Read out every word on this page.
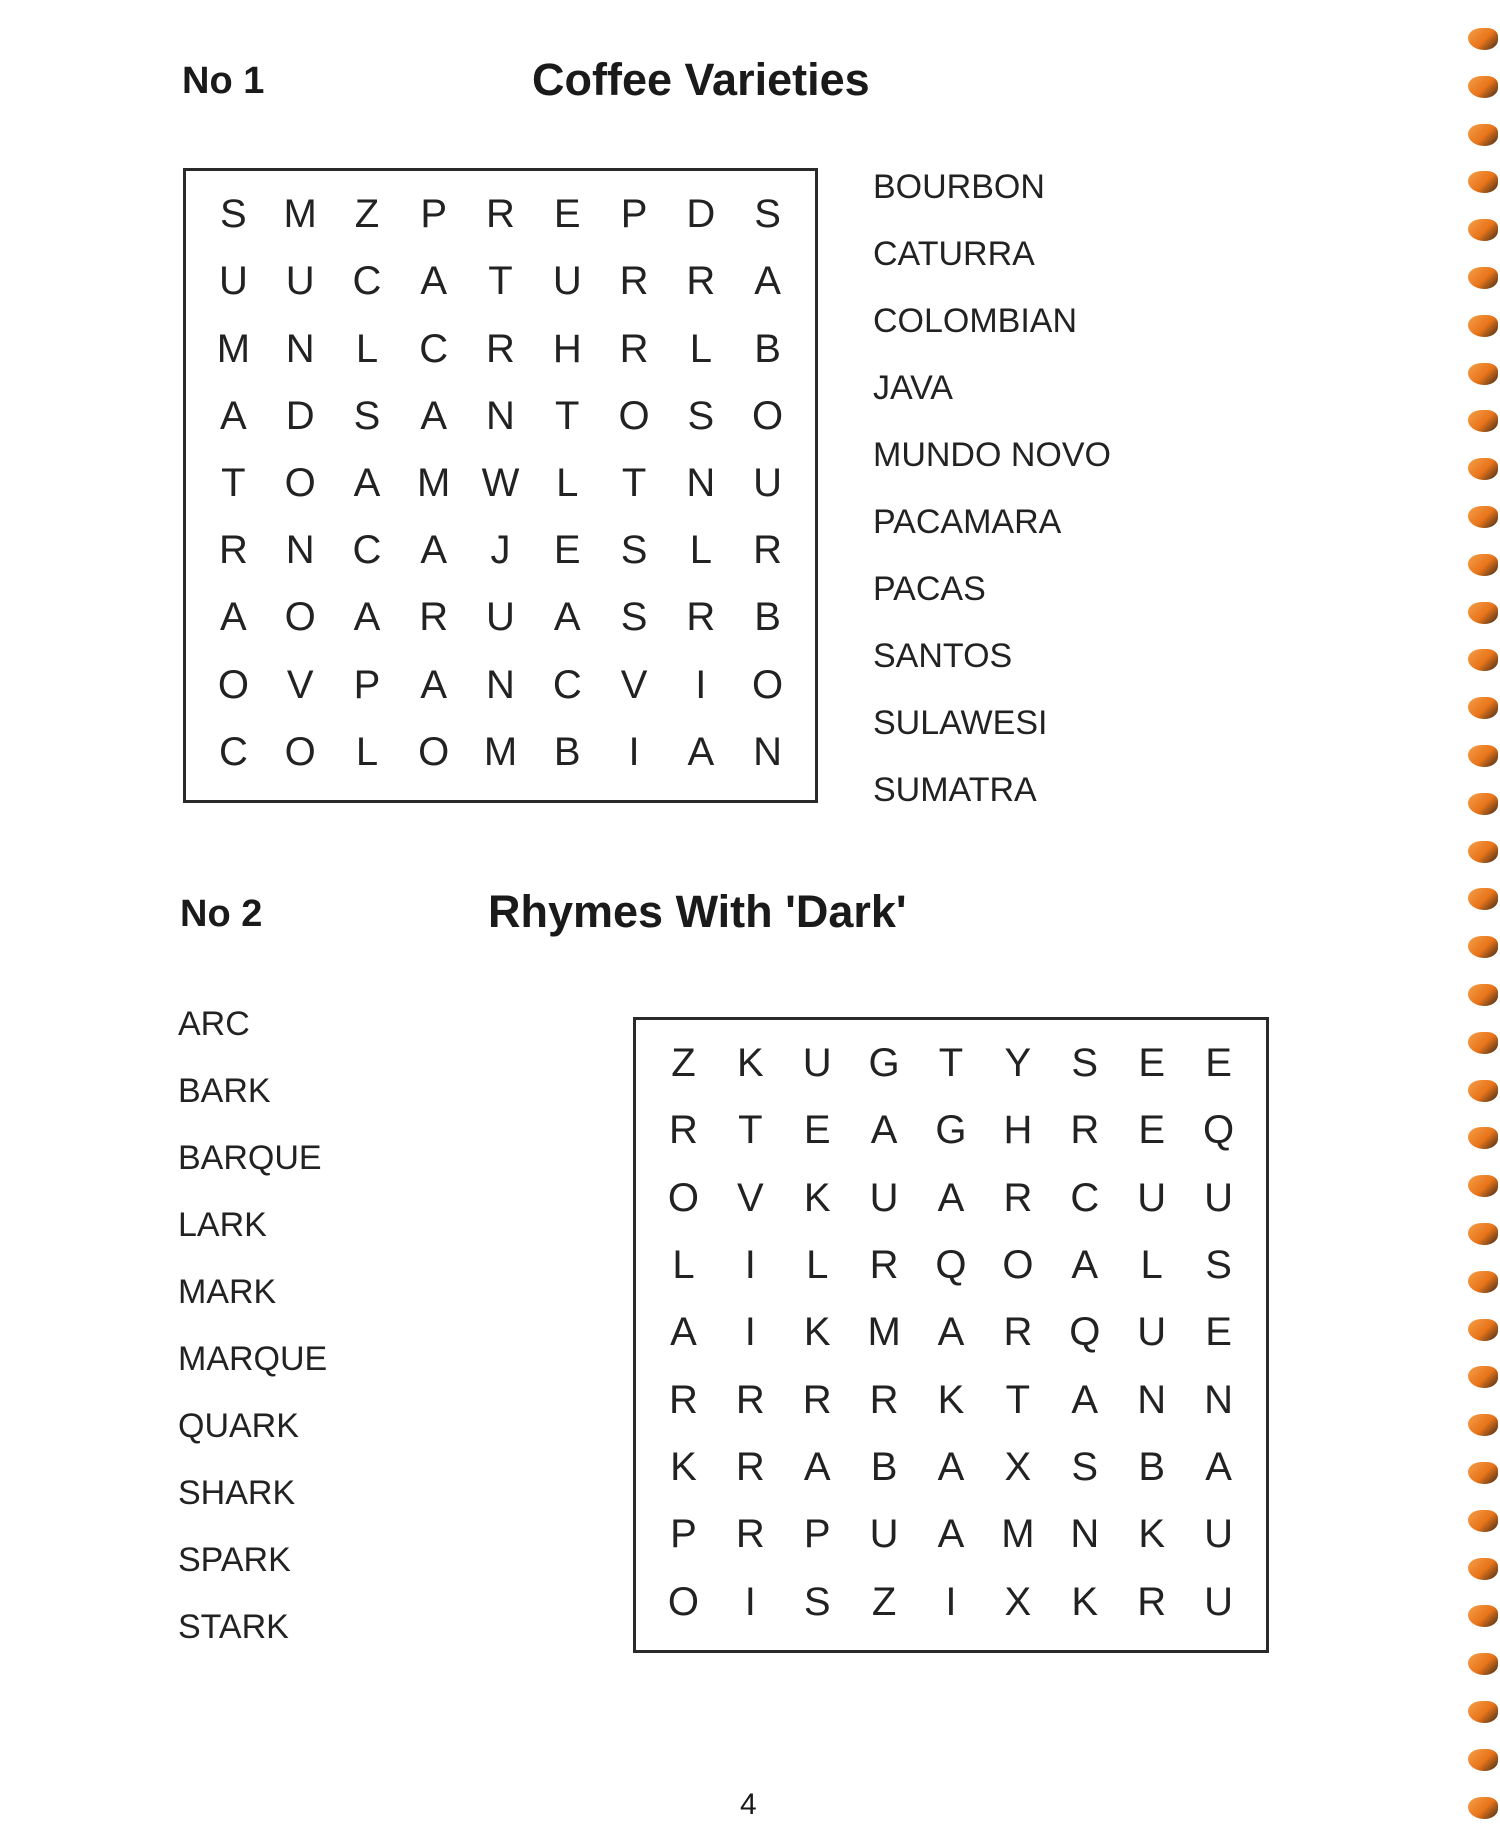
No 1	Coffee Varieties
S M Z	P R E	P D S
U U C A	T	U R R A
M N	L	C R H R	L	B
A D S	A N	T O S O
T O A M W L	T	N U
R N C A	J	E	S	L	R
A O A R U A	S R B
O V	P	A N C V	I	O
C O	L	O M B	I	A N
BOURBON
CATURRA
COLOMBIAN
JAVA
MUNDO NOVO
PACAMARA
PACAS
SANTOS
SULAWESI
SUMATRA
No 2	Rhymes With 'Dark'
ARC
BARK
BARQUE
LARK
MARK
MARQUE
QUARK
SHARK
SPARK
STARK
Z	K U G T	Y	S	E	E
R	T	E	A G H R E Q
O V	K U A R C U U
L	I	L	R Q O A	L	S
A	I	K M A R Q U E
R R R R K	T	A N N
K R A	B	A	X	S	B	A
P R P U A M N K U
O	I	S	Z	I	X	K R U

4
